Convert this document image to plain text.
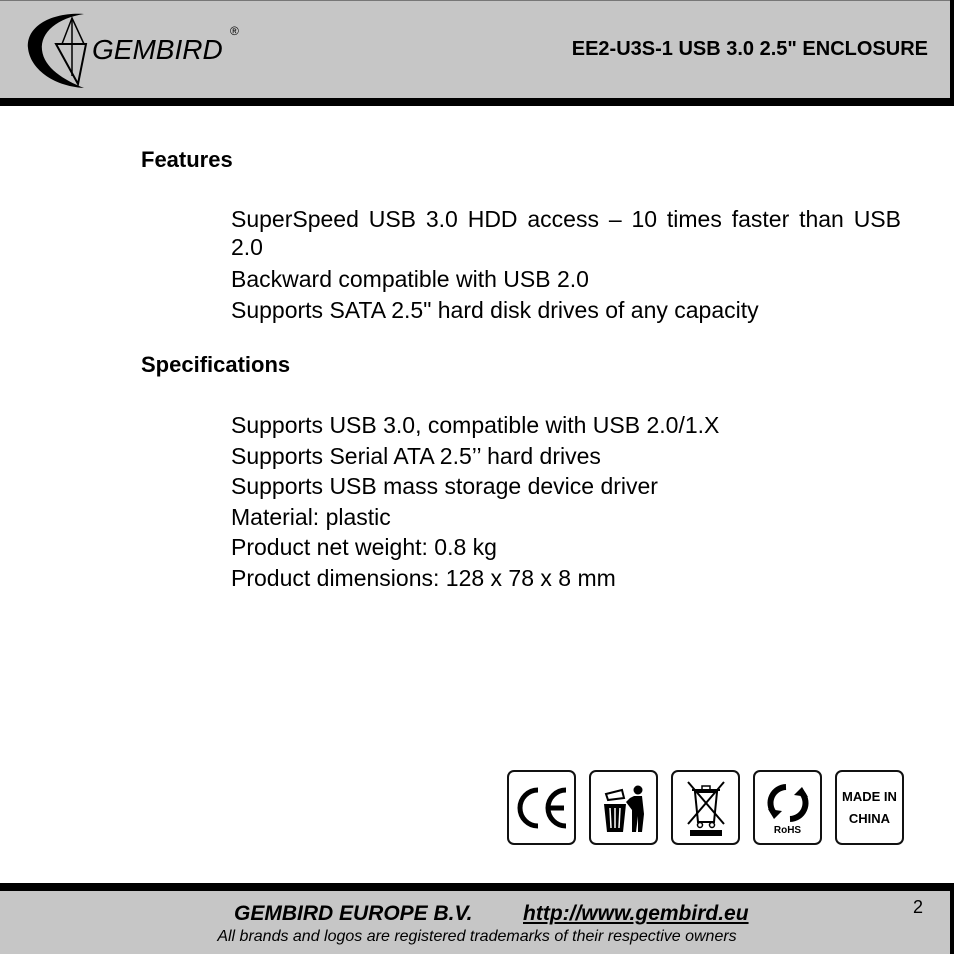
GEMBIRD
®
EE2-U3S-1 USB 3.0 2.5" ENCLOSURE
Features
SuperSpeed USB 3.0 HDD access – 10 times faster than USB 2.0
Backward compatible with USB 2.0
Supports SATA 2.5" hard disk drives of any capacity
Specifications
Supports USB 3.0, compatible with USB 2.0/1.X
Supports Serial ATA 2.5’’ hard drives
Supports USB mass storage device driver
Material: plastic
Product net weight: 0.8 kg
Product dimensions: 128 x 78 x 8 mm
RoHS
MADE IN
CHINA
GEMBIRD EUROPE B.V. http://www.gembird.eu
All brands and logos are registered trademarks of their respective owners
2
